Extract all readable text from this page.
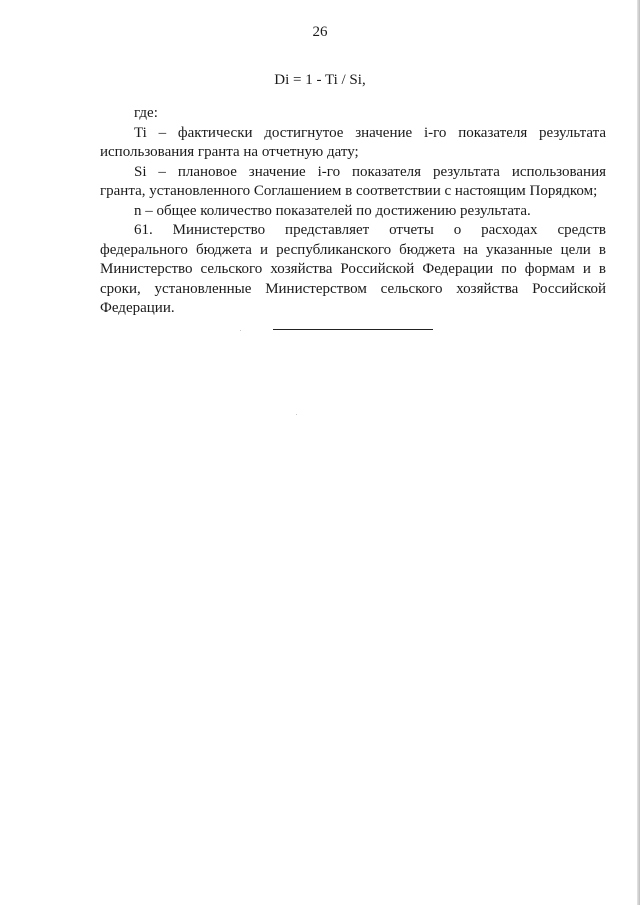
26
Di = 1 - Ti / Si,
где:
Ti – фактически достигнутое значение i-го показателя результата
использования гранта на отчетную дату;
Si – плановое значение i-го показателя результата использования
гранта, установленного Соглашением в соответствии с настоящим Порядком;
n – общее количество показателей по достижению результата.
61. Министерство представляет отчеты о расходах средств
федерального бюджета и республиканского бюджета на указанные цели в
Министерство сельского хозяйства Российской Федерации по формам и в
сроки, установленные Министерством сельского хозяйства Российской
Федерации.
